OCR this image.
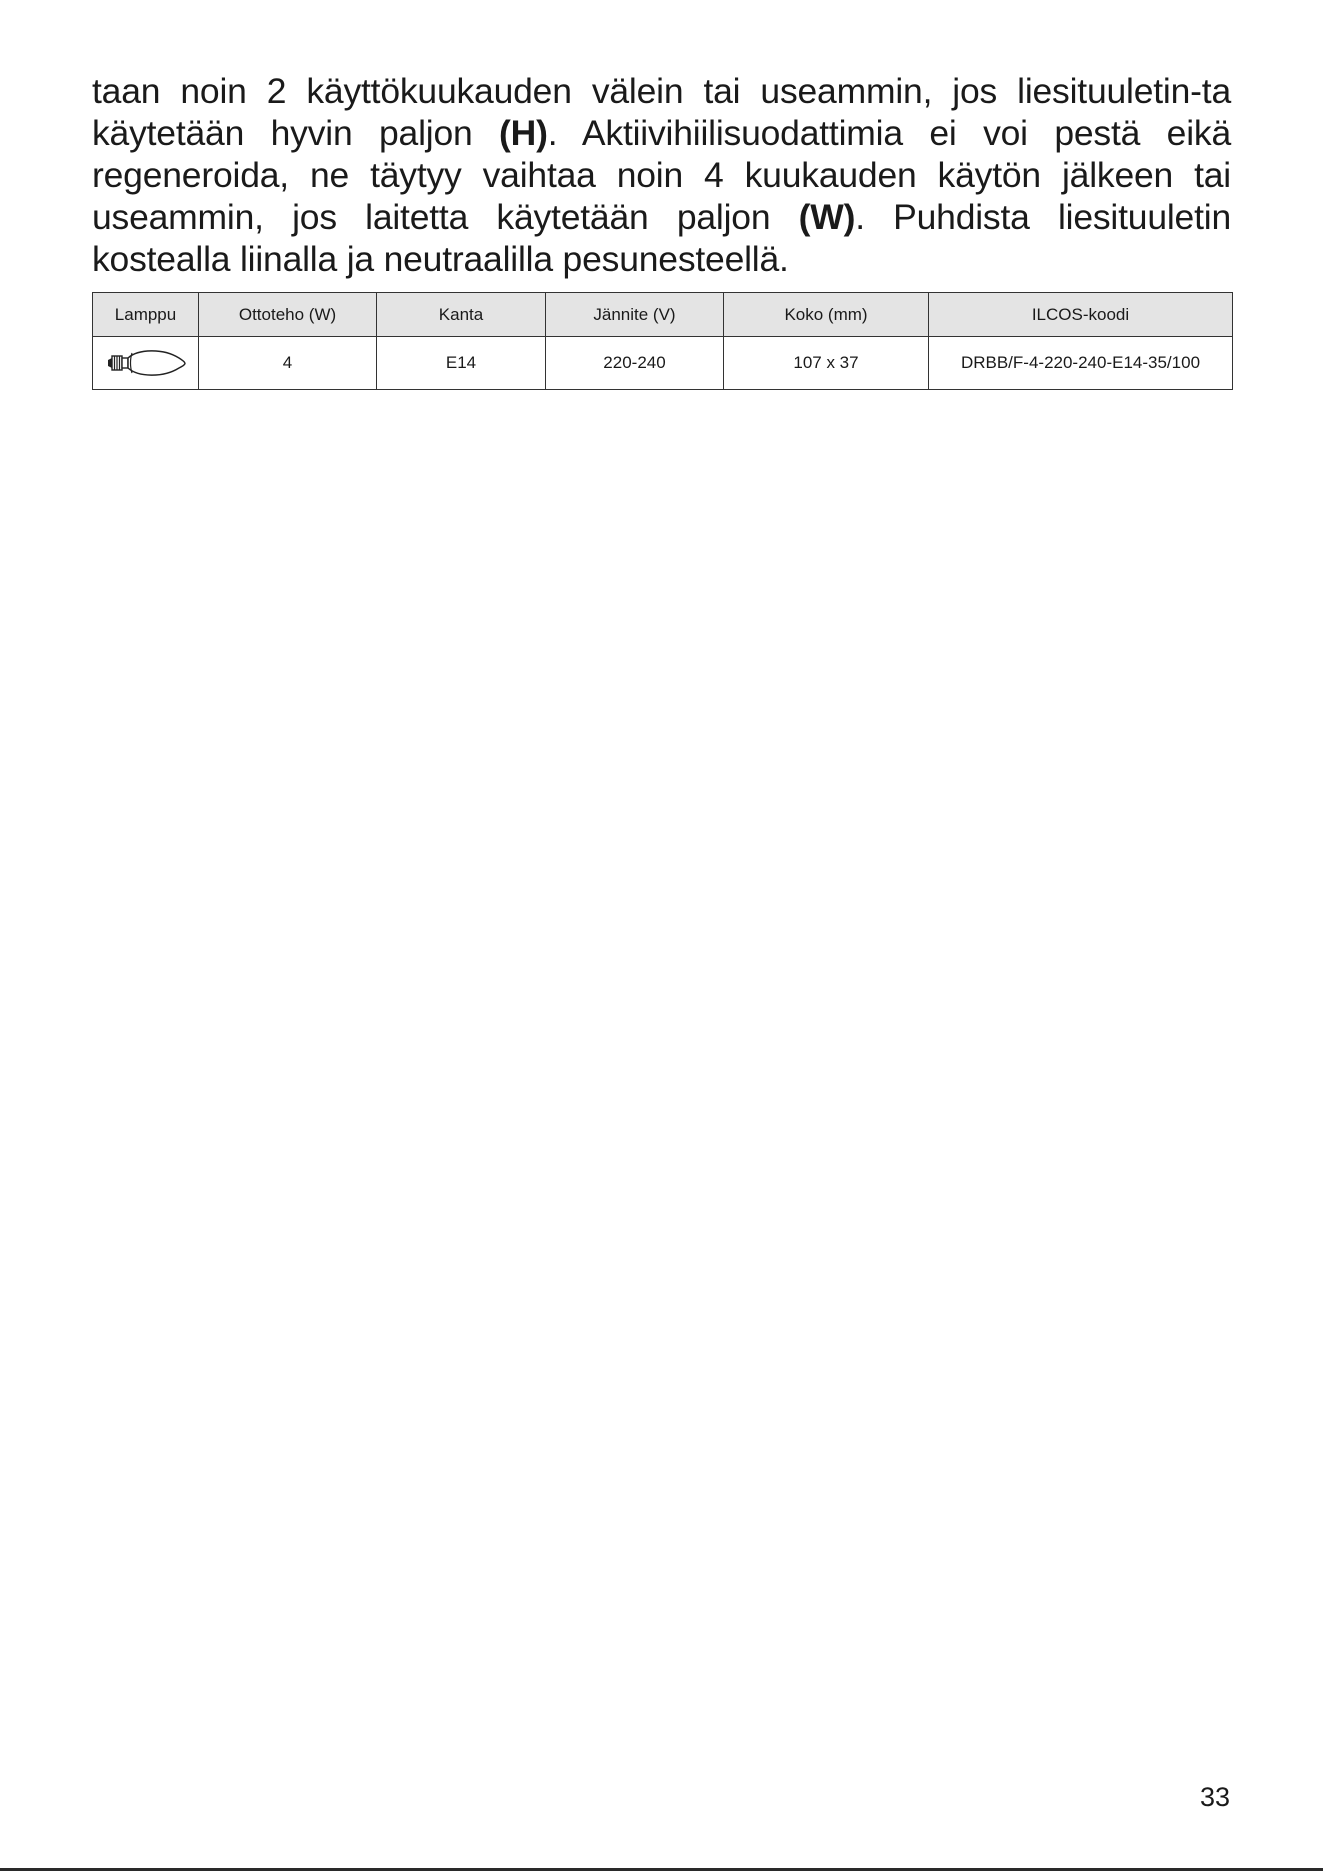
taan noin 2 käyttökuukauden välein tai useammin, jos liesituuletin-ta käytetään hyvin paljon (H). Aktiivihiilisuodattimia ei voi pestä eikä regeneroida, ne täytyy vaihtaa noin 4 kuukauden käytön jälkeen tai useammin, jos laitetta käytetään paljon (W). Puhdista liesituuletin kostealla liinalla ja neutraalilla pesunesteellä.

Lamppu	Ottoteho (W)	Kanta	Jännite (V)	Koko (mm)	ILCOS-koodi
	4	E14	220-240	107 x 37	DRBB/F-4-220-240-E14-35/100
33
